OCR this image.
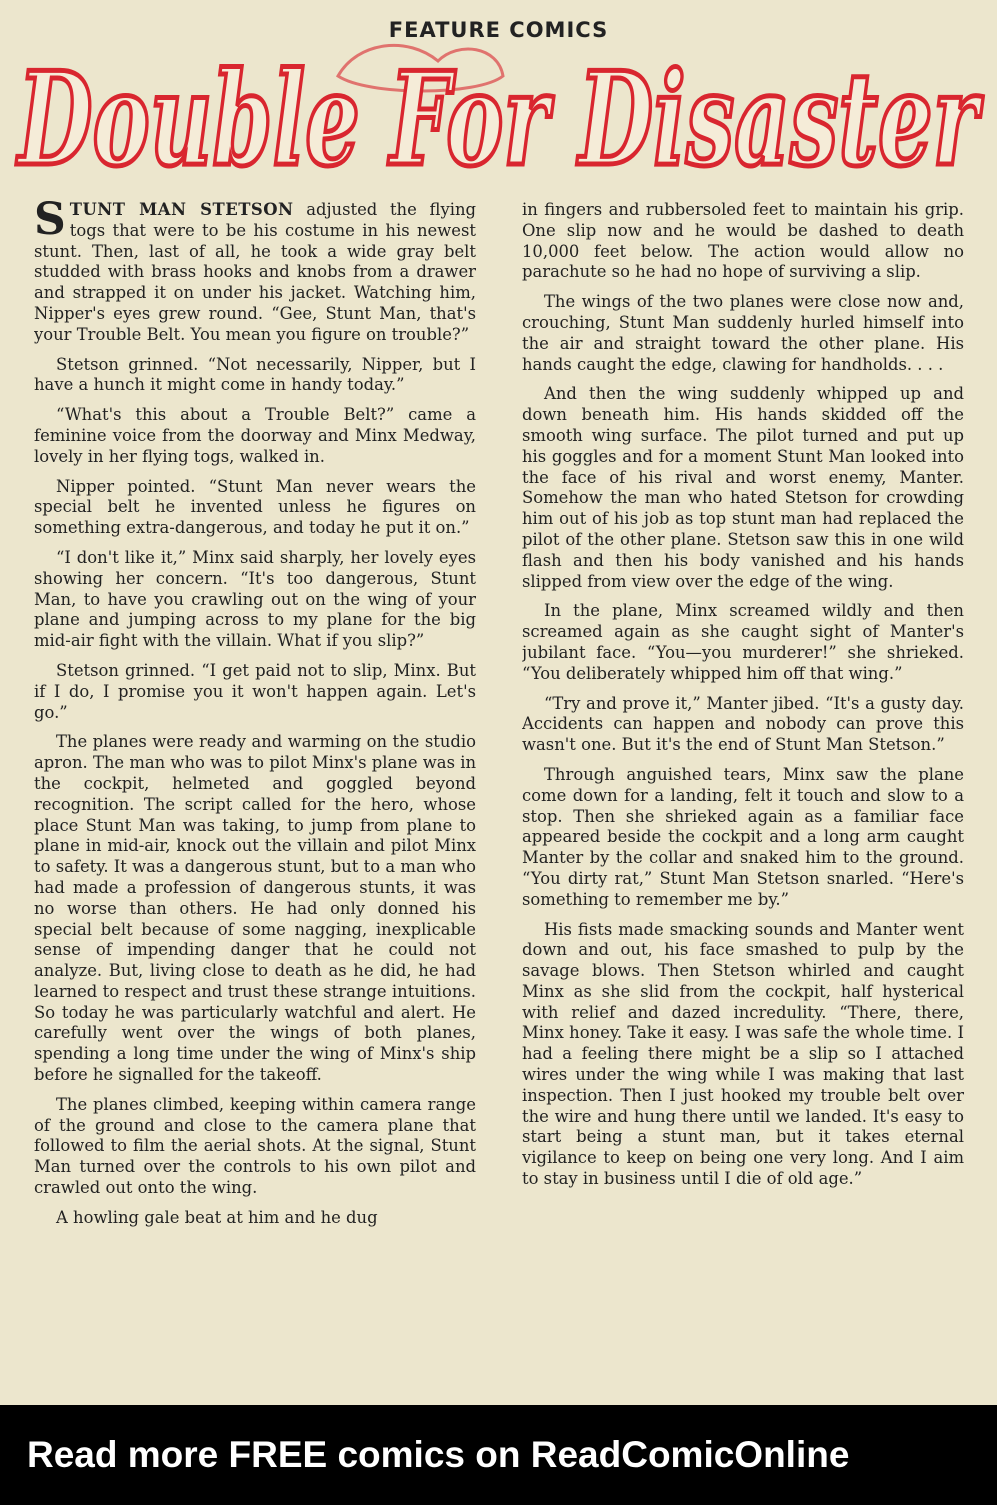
FEATURE COMICS
Double For Disaster

STUNT MAN STETSON adjusted the flying togs that were to be his costume in his newest stunt. Then, last of all, he took a wide gray belt studded with brass hooks and knobs from a drawer and strapped it on under his jacket. Watching him, Nipper's eyes grew round. “Gee, Stunt Man, that's your Trouble Belt. You mean you figure on trouble?”

Stetson grinned. “Not necessarily, Nipper, but I have a hunch it might come in handy today.”

“What's this about a Trouble Belt?” came a feminine voice from the doorway and Minx Medway, lovely in her flying togs, walked in.

Nipper pointed. “Stunt Man never wears the special belt he invented unless he figures on something extra-dangerous, and today he put it on.”

“I don't like it,” Minx said sharply, her lovely eyes showing her concern. “It's too dangerous, Stunt Man, to have you crawling out on the wing of your plane and jumping across to my plane for the big mid-air fight with the villain. What if you slip?”

Stetson grinned. “I get paid not to slip, Minx. But if I do, I promise you it won't happen again. Let's go.”

The planes were ready and warming on the studio apron. The man who was to pilot Minx's plane was in the cockpit, helmeted and goggled beyond recognition. The script called for the hero, whose place Stunt Man was taking, to jump from plane to plane in mid-air, knock out the villain and pilot Minx to safety. It was a dangerous stunt, but to a man who had made a profession of dangerous stunts, it was no worse than others. He had only donned his special belt because of some nagging, inexplicable sense of impending danger that he could not analyze. But, living close to death as he did, he had learned to respect and trust these strange intuitions. So today he was particularly watchful and alert. He carefully went over the wings of both planes, spending a long time under the wing of Minx's ship before he signalled for the takeoff.

The planes climbed, keeping within camera range of the ground and close to the camera plane that followed to film the aerial shots. At the signal, Stunt Man turned over the controls to his own pilot and crawled out onto the wing.

A howling gale beat at him and he dug

in fingers and rubbersoled feet to maintain his grip. One slip now and he would be dashed to death 10,000 feet below. The action would allow no parachute so he had no hope of surviving a slip.

The wings of the two planes were close now and, crouching, Stunt Man suddenly hurled himself into the air and straight toward the other plane. His hands caught the edge, clawing for handholds. . . .

And then the wing suddenly whipped up and down beneath him. His hands skidded off the smooth wing surface. The pilot turned and put up his goggles and for a moment Stunt Man looked into the face of his rival and worst enemy, Manter. Somehow the man who hated Stetson for crowding him out of his job as top stunt man had replaced the pilot of the other plane. Stetson saw this in one wild flash and then his body vanished and his hands slipped from view over the edge of the wing.

In the plane, Minx screamed wildly and then screamed again as she caught sight of Manter's jubilant face. “You—you murderer!” she shrieked. “You deliberately whipped him off that wing.”

“Try and prove it,” Manter jibed. “It's a gusty day. Accidents can happen and nobody can prove this wasn't one. But it's the end of Stunt Man Stetson.”

Through anguished tears, Minx saw the plane come down for a landing, felt it touch and slow to a stop. Then she shrieked again as a familiar face appeared beside the cockpit and a long arm caught Manter by the collar and snaked him to the ground. “You dirty rat,” Stunt Man Stetson snarled. “Here's something to remember me by.”

His fists made smacking sounds and Manter went down and out, his face smashed to pulp by the savage blows. Then Stetson whirled and caught Minx as she slid from the cockpit, half hysterical with relief and dazed incredulity. “There, there, Minx honey. Take it easy. I was safe the whole time. I had a feeling there might be a slip so I attached wires under the wing while I was making that last inspection. Then I just hooked my trouble belt over the wire and hung there until we landed. It's easy to start being a stunt man, but it takes eternal vigilance to keep on being one very long. And I aim to stay in business until I die of old age.”

Read more FREE comics on ReadComicOnline
